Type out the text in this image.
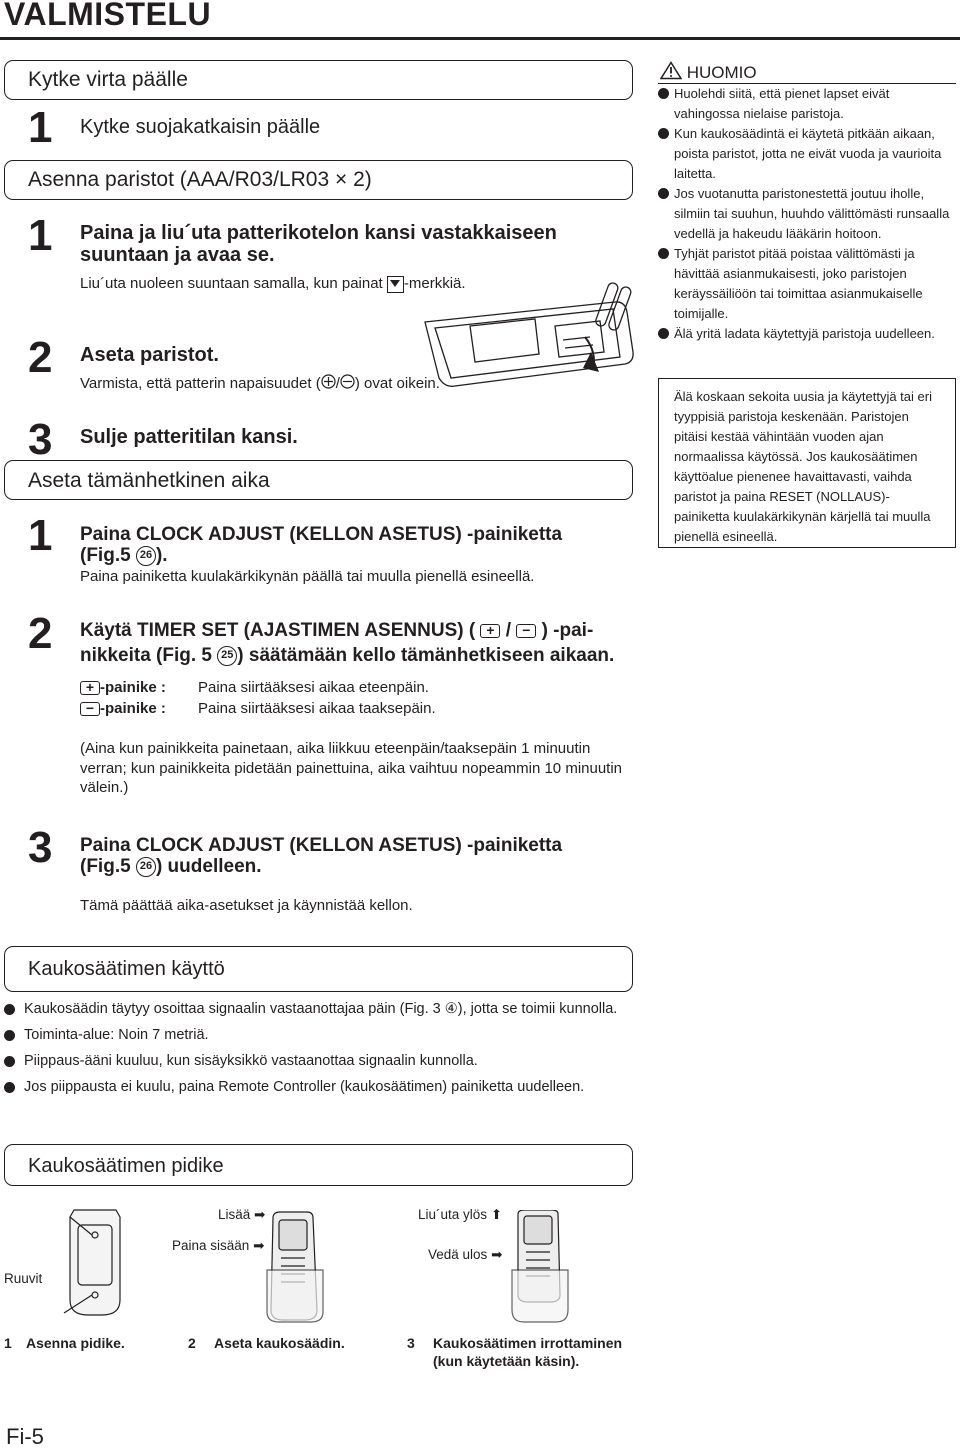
VALMISTELU
Kytke virta päälle
1 Kytke suojakatkaisin päälle
Asenna paristot (AAA/R03/LR03 × 2)
1 Paina ja liu´uta patterikotelon kansi vastakkaiseen suuntaan ja avaa se.
Liu´uta nuoleen suuntaan samalla, kun painat -merkkiä.
2 Aseta paristot.
Varmista, että patterin napaisuudet ( / ) ovat oikein.
3 Sulje patteritilan kansi.
Aseta tämänhetkinen aika
1 Paina CLOCK ADJUST (KELLON ASETUS) -painiketta
(Fig.5 26 ).
Paina painiketta kuulakärkikynän päällä tai muulla pienellä esineellä.
2 Käytä TIMER SET (AJASTIMEN ASENNUS) ( + / − ) -pai-
nikkeita (Fig. 5 25 ) säätämään kello tämänhetkiseen aikaan.
+ -painike : Paina siirtääksesi aikaa eteenpäin.
− -painike : Paina siirtääksesi aikaa taaksepäin.
(Aina kun painikkeita painetaan, aika liikkuu eteenpäin/taaksepäin 1 minuutin verran; kun painikkeita pidetään painettuina, aika vaihtuu nopeammin 10 minuutin välein.)
3 Paina CLOCK ADJUST (KELLON ASETUS) -painiketta
(Fig.5 26 ) uudelleen.
Tämä päättää aika-asetukset ja käynnistää kellon.
HUOMIO
Huolehdi siitä, että pienet lapset eivät vahingossa nielaise paristoja.
Kun kaukosäädintä ei käytetä pitkään aikaan, poista paristot, jotta ne eivät vuoda ja vaurioita laitetta.
Jos vuotanutta paristonestettä joutuu iholle, silmiin tai suuhun, huuhdo välittömästi runsaalla vedellä ja hakeudu lääkärin hoitoon.
Tyhjät paristot pitää poistaa välittömästi ja hävittää asianmukaisesti, joko paristojen keräyssäiliöön tai toimittaa asianmukaiselle toimijalle.
Älä yritä ladata käytettyjä paristoja uudelleen.
Älä koskaan sekoita uusia ja käytettyjä tai eri tyyppisiä paristoja keskenään. Paristojen pitäisi kestää vähintään vuoden ajan normaalissa käytössä. Jos kaukosäätimen käyttöalue pienenee havaittavasti, vaihda paristot ja paina RESET (NOLLAUS)-painiketta kuulakärkikynän kärjellä tai muulla pienellä esineellä.
Kaukosäätimen käyttö
Kaukosäädin täytyy osoittaa signaalin vastaanottajaa päin (Fig. 3 ④), jotta se toimii kunnolla.
Toiminta-alue: Noin 7 metriä.
Piippaus-ääni kuuluu, kun sisäyksikkö vastaanottaa signaalin kunnolla.
Jos piippausta ei kuulu, paina Remote Controller (kaukosäätimen) painiketta uudelleen.
Kaukosäätimen pidike
Ruuvit
Lisää ➡
Paina sisään ➡
Liu´uta ylös ⬆
Vedä ulos ➡
1 Asenna pidike.	2 Aseta kaukosäädin.	3 Kaukosäätimen irrottaminen
(kun käytetään käsin).
Fi-5
